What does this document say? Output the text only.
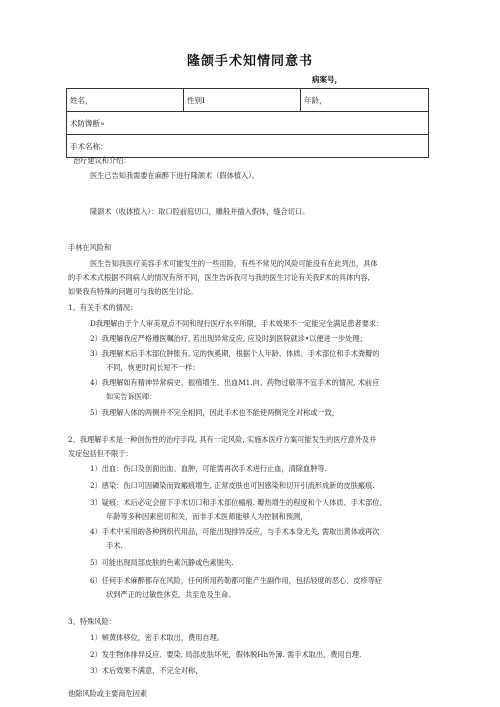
隆颌手术知情同意书
病案号，
姓名，	性别I	年龄，
术防馋断»
手术名称：
治疗建议和介绍：
医生已告知我需要在麻醉下进行隆颌术（假体植入）。
隆颌术（收体植入）：取口腔前庭切口，雕般并插入假体，缝合切口。
手林在风险和
医生告知我医疗美容手术可能发生的一些用险，有些不常见的风险可能没有在此列出，具体
的手术术式根据不同病人的情况有所不同，医生告诉我可与我的医生讨论有关我F术的具体内容,
如果我有特殊的问题可与我的医生讨论。
1、有关手术的情况：
D我理解由于个人审美观点不同和现行医疗水平所限，手术效果不一定能完全满足患者要求：
2）我理解我应严格遵医嘱治疗, 若出现异常反应, 应及时到医院就诊•以便进一步处理；
3）我理解术后手术部位肿胀有, 定的恢奚期，根据个人年龄、体质、手术部位和手术粪瓣的
不同，恢更时间长短不一样：
4）我理解如有精神异常病史、振痕增生、出血M1.向、药物过敏等不宜手术的情况, 术前应
如实告诉医师：
5）我理解人体的两侧并不完全相同，因此手术也不能使两侧完全对称或一致，
2、我理解手术是一种创伤性的治疗手段, 具有一定风险, 实施本医疗方案可能发生的医疗意外及并
发症包括但不限于：
1）出血：伤口及创面出血、血肿，可能需再次手术进行止血，清除血肿等.
2）感染：伤口可因磷染而致瘢痕增生, 正常皮肤也可因感染和切开引流形成新的皮肤瘢痕.
3）疑痕：术后必定会留下手术切口和手术部位瘢痕. 瓣热增生的程度和个人体质、手术部位、
年龄等多种因素密切和关，而非手术医师能够人为控制和预测，
4）手术中采用的各种例织代用品，可能出现排异反应，与手术本身无关, 需取出黄体或再次
手术.
5）可能出现局部皮肤的色素沉静或色素脱失.
6）任何手术麻醉都存在风险，任何所用药勒都可能产生副作用，包括轻度的恶心、皮疹等症
状到严正的过敏性休克，共至危及生命。
3、特殊风险：
1）頰黄体移位，密手术取出，费用自理。
2）发生物体排异反应、要染, 局部皮肤坏死，假体脱Hh外簿. 需手术取出，费用自理.
3）术后效果不满意，不完全对称，
他除风险或主要商危因素
